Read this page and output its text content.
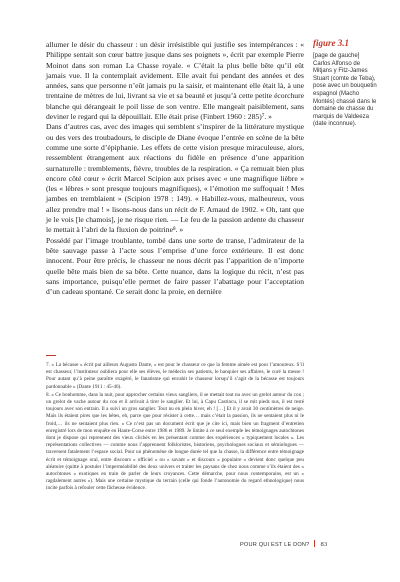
allumer le désir du chasseur : un désir irrésistible qui justifie ses intempérances : « Philippe sentait son cœur battre jusque dans ses poignets », écrit par exemple Pierre Moinot dans son roman La Chasse royale. « C’était la plus belle bête qu’il eût jamais vue. Il la contemplait avidement. Elle avait fui pendant des années et des années, sans que personne n’eût jamais pu la saisir, et maintenant elle était là, à une trentaine de mètres de lui, livrant sa vie et sa beauté et jusqu’à cette petite écorchure blanche qui dérangeait le poil lisse de son ventre. Elle mangeait paisiblement, sans deviner le regard qui la dépouillait. Elle était prise (Finbert 1960 : 285)⁷. »

Dans d’autres cas, avec des images qui semblent s’inspirer de la littérature mystique ou des vers des troubadours, le disciple de Diane évoque l’entrée en scène de la bête comme une sorte d’épiphanie. Les effets de cette vision presque miraculeuse, alors, ressemblent étrangement aux réactions du fidèle en présence d’une apparition surnaturelle : tremblements, fièvre, troubles de la respiration. « Ça remuait bien plus encore côté cœur » écrit Marcel Scipion aux prises avec « une magnifique lièbre » (les « lèbres » sont presque toujours magnifiques), « l’émotion me suffoquait ! Mes jambes en tremblaient » (Scipion 1978 : 149). « Habillez-vous, malheureux, vous allez prendre mal ! » lisons-nous dans un récit de F. Arnaud de 1902. « Oh, tant que je le vois [le chamois], je ne risque rien. — Le feu de la passion ardente du chasseur le mettait à l’abri de la fluxion de poitrine⁸. »

Possédé par l’image troublante, tombé dans une sorte de transe, l’admirateur de la bête sauvage passe à l’acte sous l’emprise d’une force extérieure. Il est donc innocent. Pour être précis, le chasseur ne nous décrit pas l’apparition de n’importe quelle bête mais bien de sa bête. Cette nuance, dans la logique du récit, n’est pas sans importance, puisqu’elle permet de faire passer l’abattage pour l’acceptation d’un cadeau spontané. Ce serait donc la proie, en dernière

figure 3.1
[page de gauche] Carlos Alfonso de Mitjans y Fitz-James Stuart (comte de Teba), pose avec un bouquetin espagnol (Macho Montés) chassé dans le domaine de chasse du marquis de Valdeeza (date inconnue).

7. « La bécasse » écrit par ailleurs Augusto Dante, « est pour le chasseur ce que la femme aimée est pour l’amoureux. S’il est chasseur, l’instituteur oubliera pour elle ses élèves, le médecin ses patients, le banquier ses affaires, le curé la messe ! Pour autant qu’à peine paraître exagéré, le fanatisme qui envahit le chasseur lorsqu’il s’agit de la bécasse est toujours pardonnable » (Dante 1911 : 45-46).

8. « Ce bonhomme, dans la nuit, pour approcher certains vieux sangliers, il se mettait tout nu avec un grelot autour du cou ; un grelot de vache autour du cou et il arrivait à tirer le sanglier. Et lui, à Capu Castincu, il se mit pieds nus, il est resté toujours avec son entrain. Il a suivi un gros sanglier. Tout nu en plein hiver, eh ! […] Et il y avait 30 centimètres de neige. Mais ils étaient pires que les bêtes, eh, parce que pour résister à cette… mais c’était la passion, ils ne sentaient plus ni le froid,… ils ne sentaient plus rien. » Ce n’est pas un document écrit que je cite ici, mais bien un fragment d’entretien enregistré lors de mon enquête en Haute-Corse entre 1986 et 1989. Je limite à ce seul exemple les témoignages autochtones dont je dispose qui reprennent des vieux clichés en les présentant comme des expériences « typiquement locales ». Les représentations collectives — comme nous l’apprennent folkloristes, historiens, psychologues sociaux et sémiologues — traversent fatalement l’espace social. Pour un phénomène de longue durée tel que la chasse, la différence entre témoignage écrit et témoignage oral, entre discours « officiel » ou « savant » et discours « populaire » devient donc quelque peu aléatoire (quitte à postuler l’imperméabilité des deux univers et traiter les paysans de chez nous comme s’ils étaient des « autochtones » exotiques en train de parler de leurs croyances. Cette démarche, pour nous contemporains, est un « ragdalement autres »). Mais une certaine mystique du terrain (celle qui fonde l’autonomie du regard ethnologique) nous incite parfois à refouler cette fâcheuse évidence.

POUR QUI EST LE DON? 83
